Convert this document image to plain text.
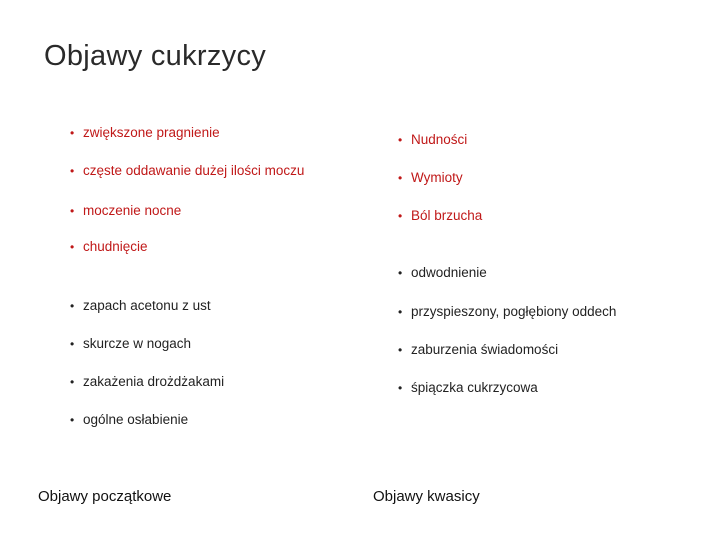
Objawy cukrzycy
• zwiększone pragnienie
• częste oddawanie dużej ilości moczu
• moczenie nocne
• chudnięcie
• zapach acetonu z ust
• skurcze w nogach
• zakażenia drożdżakami
• ogólne osłabienie
• Nudności
• Wymioty
• Ból brzucha
• odwodnienie
• przyspieszony, pogłębiony oddech
• zaburzenia świadomości
• śpiączka cukrzycowa
Objawy początkowe	Objawy kwasicy
